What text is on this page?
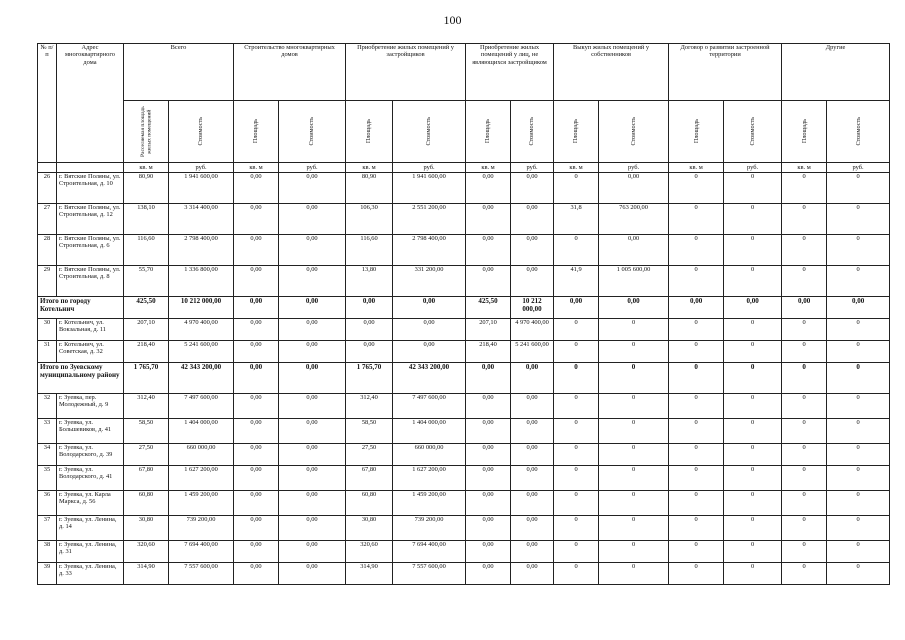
100
№ п/п	Адрес многоквартирного дома	Всего		Строительство многоквартирных домов		Приобретение жилых помещений у застройщиков		Приобретение жилых помещений у лиц, не являющихся застройщиком		Выкуп жилых помещений у собственников		Договор о развитии застроенной территории		Другие	

		Расселяемая площадь жилых помещений	Стоимость	Площадь	Стоимость	Площадь	Стоимость	Площадь	Стоимость	Площадь	Стоимость	Площадь	Стоимость	Площадь	Стоимость

		кв. м	руб.	кв. м	руб.	кв. м	руб.	кв. м	руб.	кв. м	руб.	кв. м	руб.	кв. м	руб.
26	г. Вятские Поляны, ул. Строительная, д. 10	80,90	1 941 600,00	0,00	0,00	80,90	1 941 600,00	0,00	0,00	0	0,00	0	0	0	0
27	г. Вятские Поляны, ул. Строительная, д. 12	138,10	3 314 400,00	0,00	0,00	106,30	2 551 200,00	0,00	0,00	31,8	763 200,00	0	0	0	0
28	г. Вятские Поляны, ул. Строительная, д. 6	116,60	2 798 400,00	0,00	0,00	116,60	2 798 400,00	0,00	0,00	0	0,00	0	0	0	0
29	г. Вятские Поляны, ул. Строительная, д. 8	55,70	1 336 800,00	0,00	0,00	13,80	331 200,00	0,00	0,00	41,9	1 005 600,00	0	0	0	0
Итого по городу Котельнич		425,50	10 212 000,00	0,00	0,00	0,00	0,00	425,50	10 212 000,00	0,00	0,00	0,00	0,00	0,00	0,00
30	г. Котельнич, ул. Вокзальная, д. 11	207,10	4 970 400,00	0,00	0,00	0,00	0,00	207,10	4 970 400,00	0	0	0	0	0	0
31	г. Котельнич, ул. Советская, д. 32	218,40	5 241 600,00	0,00	0,00	0,00	0,00	218,40	5 241 600,00	0	0	0	0	0	0
Итого по Зуевскому муниципальному району		1 765,70	42 343 200,00	0,00	0,00	1 765,70	42 343 200,00	0,00	0,00	0	0	0	0	0	0
32	г. Зуевка, пер. Молодежный, д. 9	312,40	7 497 600,00	0,00	0,00	312,40	7 497 600,00	0,00	0,00	0	0	0	0	0	0
33	г. Зуевка, ул. Большевиков, д. 41	58,50	1 404 000,00	0,00	0,00	58,50	1 404 000,00	0,00	0,00	0	0	0	0	0	0
34	г. Зуевка, ул. Володарского, д. 39	27,50	660 000,00	0,00	0,00	27,50	660 000,00	0,00	0,00	0	0	0	0	0	0
35	г. Зуевка, ул. Володарского, д. 41	67,80	1 627 200,00	0,00	0,00	67,80	1 627 200,00	0,00	0,00	0	0	0	0	0	0
36	г. Зуевка, ул. Карла Маркса, д. 56	60,80	1 459 200,00	0,00	0,00	60,80	1 459 200,00	0,00	0,00	0	0	0	0	0	0
37	г. Зуевка, ул. Ленина, д. 14	30,80	739 200,00	0,00	0,00	30,80	739 200,00	0,00	0,00	0	0	0	0	0	0
38	г. Зуевка, ул. Ленина, д. 31	320,60	7 694 400,00	0,00	0,00	320,60	7 694 400,00	0,00	0,00	0	0	0	0	0	0
39	г. Зуевка, ул. Ленина, д. 33	314,90	7 557 600,00	0,00	0,00	314,90	7 557 600,00	0,00	0,00	0	0	0	0	0	0
